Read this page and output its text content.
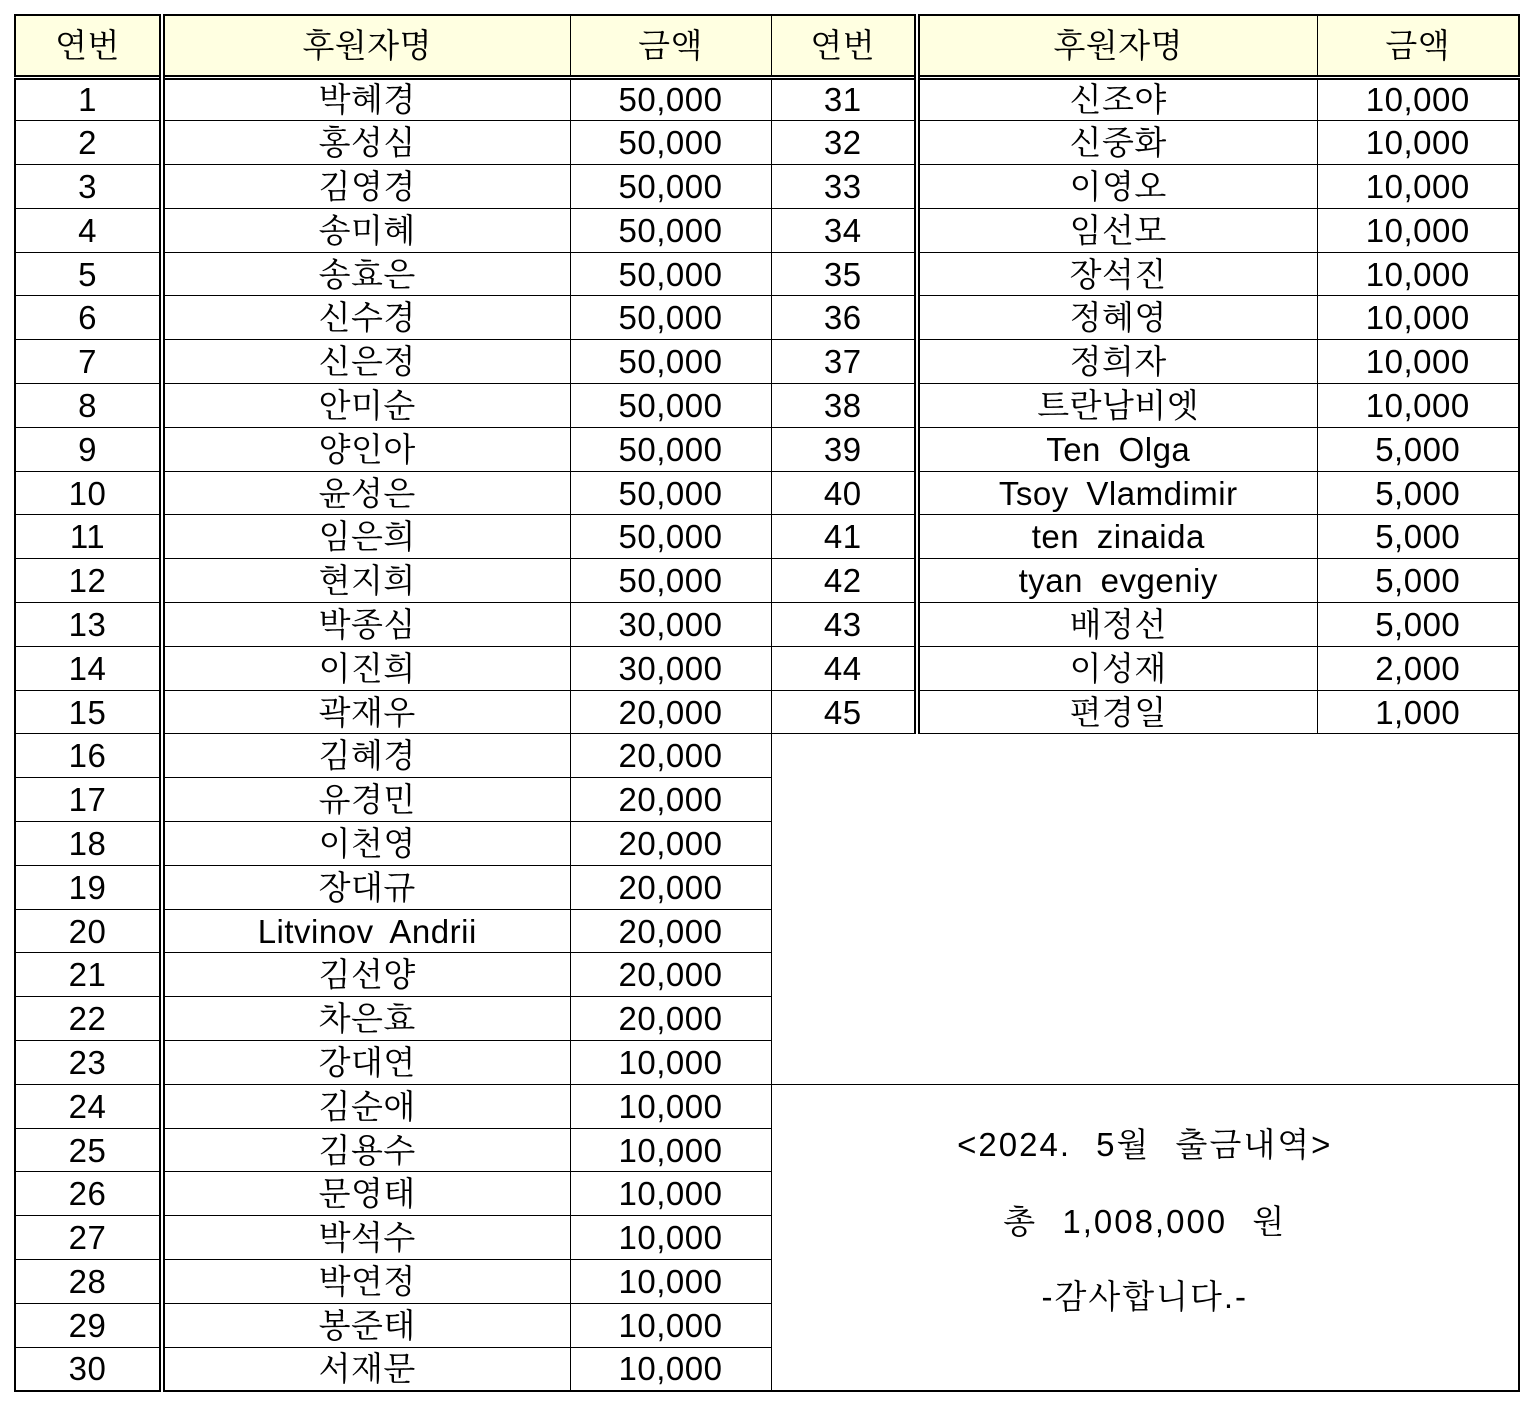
연번	후원자명	금액	연번	후원자명	금액
1	박혜경	50,000	31	신조야	10,000
2	홍성심	50,000	32	신중화	10,000
3	김영경	50,000	33	이영오	10,000
4	송미혜	50,000	34	임선모	10,000
5	송효은	50,000	35	장석진	10,000
6	신수경	50,000	36	정혜영	10,000
7	신은정	50,000	37	정희자	10,000
8	안미순	50,000	38	트란남비엣	10,000
9	양인아	50,000	39	Ten Olga	5,000
10	윤성은	50,000	40	Tsoy Vlamdimir	5,000
11	임은희	50,000	41	ten zinaida	5,000
12	현지희	50,000	42	tyan evgeniy	5,000
13	박종심	30,000	43	배정선	5,000
14	이진희	30,000	44	이성재	2,000
15	곽재우	20,000	45	편경일	1,000
16	김혜경	20,000			
17	유경민	20,000			
18	이천영	20,000			
19	장대규	20,000			
20	Litvinov Andrii	20,000			
21	김선양	20,000			
22	차은효	20,000			
23	강대연	10,000			
24	김순애	10,000	<2024. 5월 출금내역>
총 1,008,000 원
-감사합니다.-		

25	김용수	10,000			
26	문영태	10,000			
27	박석수	10,000			
28	박연정	10,000			
29	봉준태	10,000			
30	서재문	10,000			
